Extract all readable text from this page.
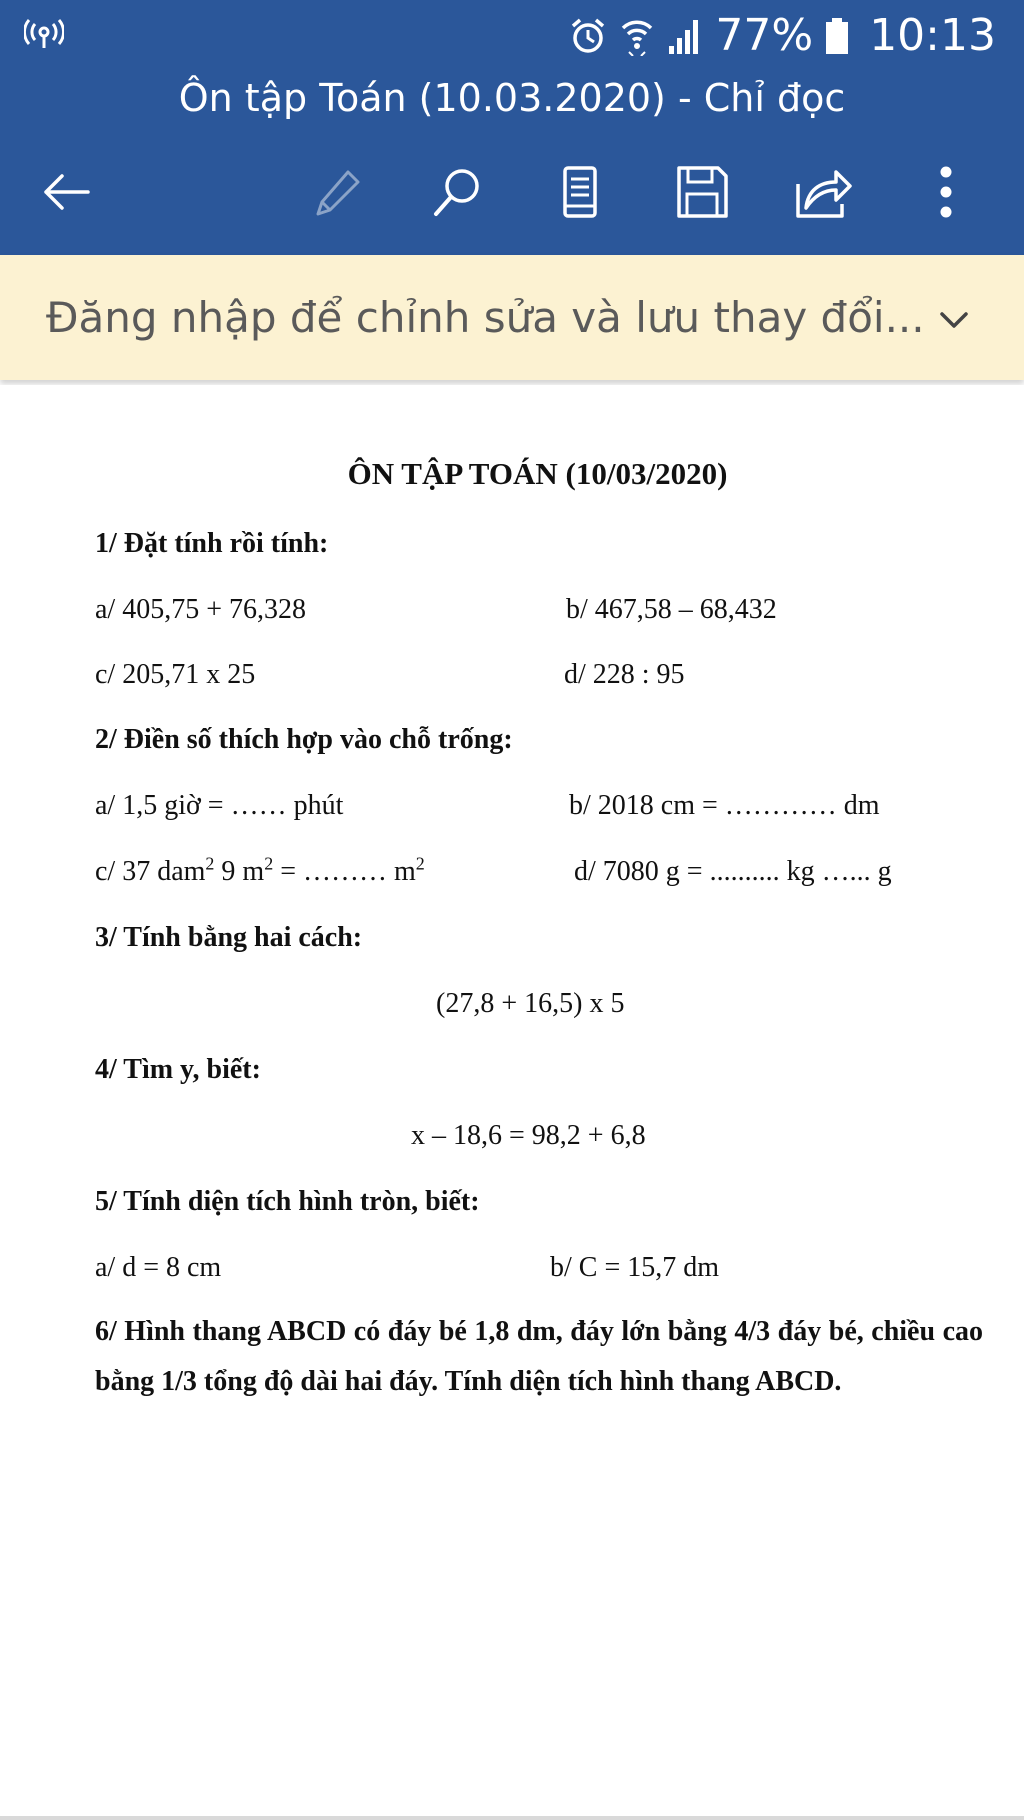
77% 10:13
Ôn tập Toán (10.03.2020) - Chỉ đọc
Đăng nhập để chỉnh sửa và lưu thay đổi...
ÔN TẬP TOÁN (10/03/2020)
1/ Đặt tính rồi tính:
a/ 405,75 + 76,328	b/ 467,58 – 68,432
c/ 205,71 x 25	d/ 228 : 95
2/ Điền số thích hợp vào chỗ trống:
a/ 1,5 giờ = …… phút	b/ 2018 cm = ………… dm
c/ 37 dam$^2$ 9 $m^2$ = ……… $m^2$	d/ 7080 g = .......... kg …... g
3/ Tính bằng hai cách:
(27,8 + 16,5) x 5
4/ Tìm y, biết:
x – 18,6 = 98,2 + 6,8
5/ Tính diện tích hình tròn, biết:
a/ d = 8 cm	b/ C = 15,7 dm
6/ Hình thang ABCD có đáy bé 1,8 dm, đáy lớn bằng 4/3 đáy bé, chiều cao bằng 1/3 tổng độ dài hai đáy. Tính diện tích hình thang ABCD.
